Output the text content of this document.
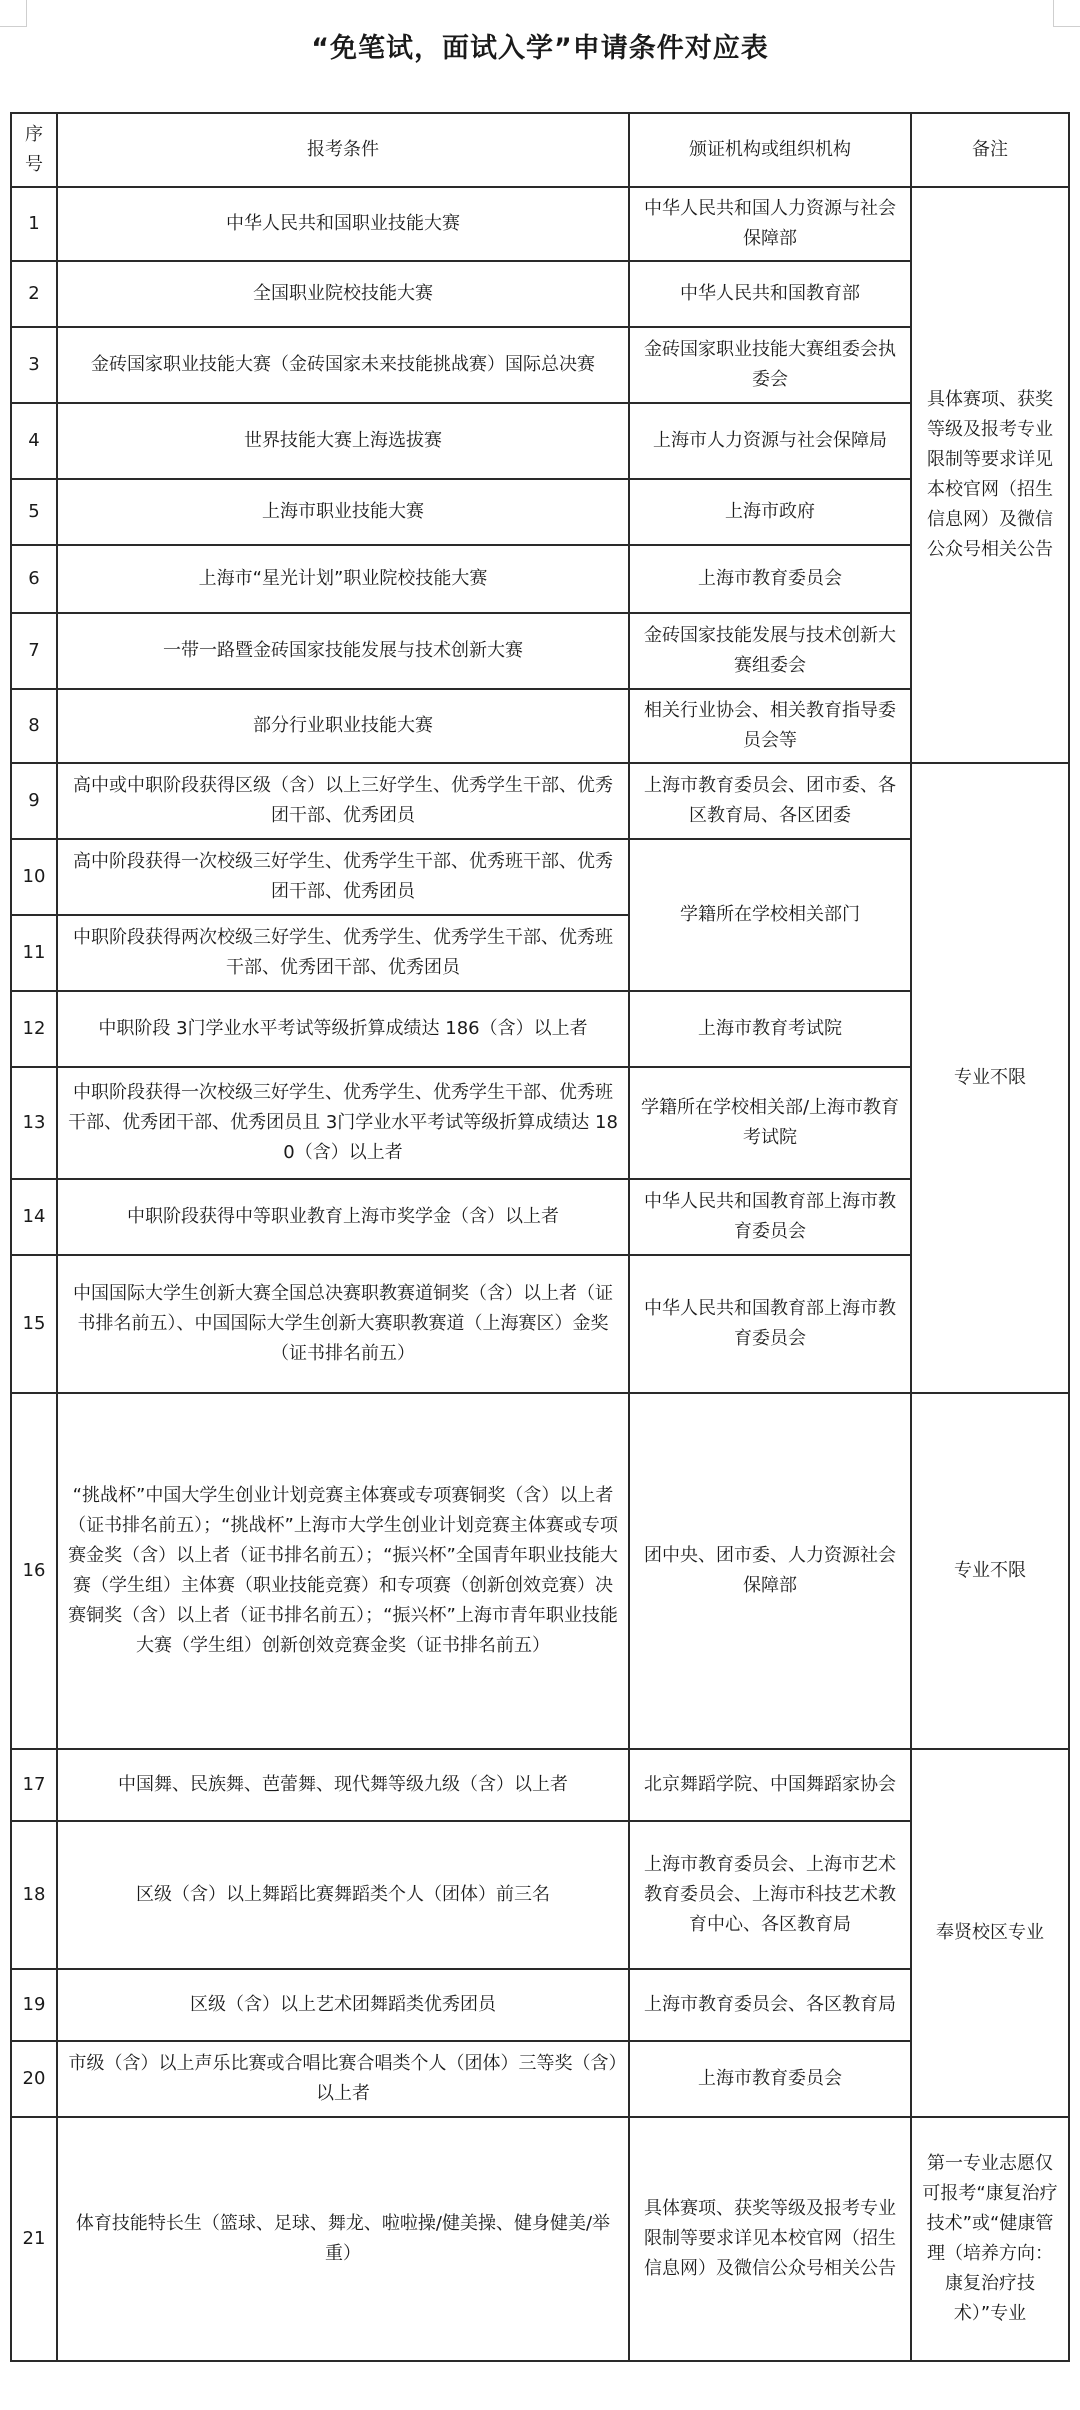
“免笔试，面试入学”申请条件对应表
序号	报考条件	颁证机构或组织机构	备注
1	中华人民共和国职业技能大赛	中华人民共和国人力资源与社会保障部	具体赛项、获奖等级及报考专业限制等要求详见本校官网（招生信息网）及微信公众号相关公告
2	全国职业院校技能大赛	中华人民共和国教育部	
3	金砖国家职业技能大赛（金砖国家未来技能挑战赛）国际总决赛	金砖国家职业技能大赛组委会执委会	
4	世界技能大赛上海选拔赛	上海市人力资源与社会保障局	
5	上海市职业技能大赛	上海市政府	
6	上海市“星光计划”职业院校技能大赛	上海市教育委员会	
7	一带一路暨金砖国家技能发展与技术创新大赛	金砖国家技能发展与技术创新大赛组委会	
8	部分行业职业技能大赛	相关行业协会、相关教育指导委员会等	
9	高中或中职阶段获得区级（含）以上三好学生、优秀学生干部、优秀团干部、优秀团员	上海市教育委员会、团市委、各区教育局、各区团委	专业不限
10	高中阶段获得一次校级三好学生、优秀学生干部、优秀班干部、优秀团干部、优秀团员	学籍所在学校相关部门	
11	中职阶段获得两次校级三好学生、优秀学生、优秀学生干部、优秀班干部、优秀团干部、优秀团员		
12	中职阶段 3门学业水平考试等级折算成绩达 186（含）以上者	上海市教育考试院	
13	中职阶段获得一次校级三好学生、优秀学生、优秀学生干部、优秀班干部、优秀团干部、优秀团员且 3门学业水平考试等级折算成绩达 180（含）以上者	学籍所在学校相关部/上海市教育考试院	
14	中职阶段获得中等职业教育上海市奖学金（含）以上者	中华人民共和国教育部上海市教育委员会	
15	中国国际大学生创新大赛全国总决赛职教赛道铜奖（含）以上者（证书排名前五）、中国国际大学生创新大赛职教赛道（上海赛区）金奖（证书排名前五）	中华人民共和国教育部上海市教育委员会	
16	“挑战杯”中国大学生创业计划竞赛主体赛或专项赛铜奖（含）以上者（证书排名前五）；“挑战杯”上海市大学生创业计划竞赛主体赛或专项赛金奖（含）以上者（证书排名前五）；“振兴杯”全国青年职业技能大赛（学生组）主体赛（职业技能竞赛）和专项赛（创新创效竞赛）决赛铜奖（含）以上者（证书排名前五）；“振兴杯”上海市青年职业技能大赛（学生组）创新创效竞赛金奖（证书排名前五）	团中央、团市委、人力资源社会保障部	专业不限
17	中国舞、民族舞、芭蕾舞、现代舞等级九级（含）以上者	北京舞蹈学院、中国舞蹈家协会	奉贤校区专业
18	区级（含）以上舞蹈比赛舞蹈类个人（团体）前三名	上海市教育委员会、上海市艺术教育委员会、上海市科技艺术教育中心、各区教育局	
19	区级（含）以上艺术团舞蹈类优秀团员	上海市教育委员会、各区教育局	
20	市级（含）以上声乐比赛或合唱比赛合唱类个人（团体）三等奖（含）以上者	上海市教育委员会	
21	体育技能特长生（篮球、足球、舞龙、啦啦操/健美操、健身健美/举重）	具体赛项、获奖等级及报考专业限制等要求详见本校官网（招生信息网）及微信公众号相关公告	第一专业志愿仅可报考“康复治疗技术”或“健康管理（培养方向：康复治疗技术）”专业
